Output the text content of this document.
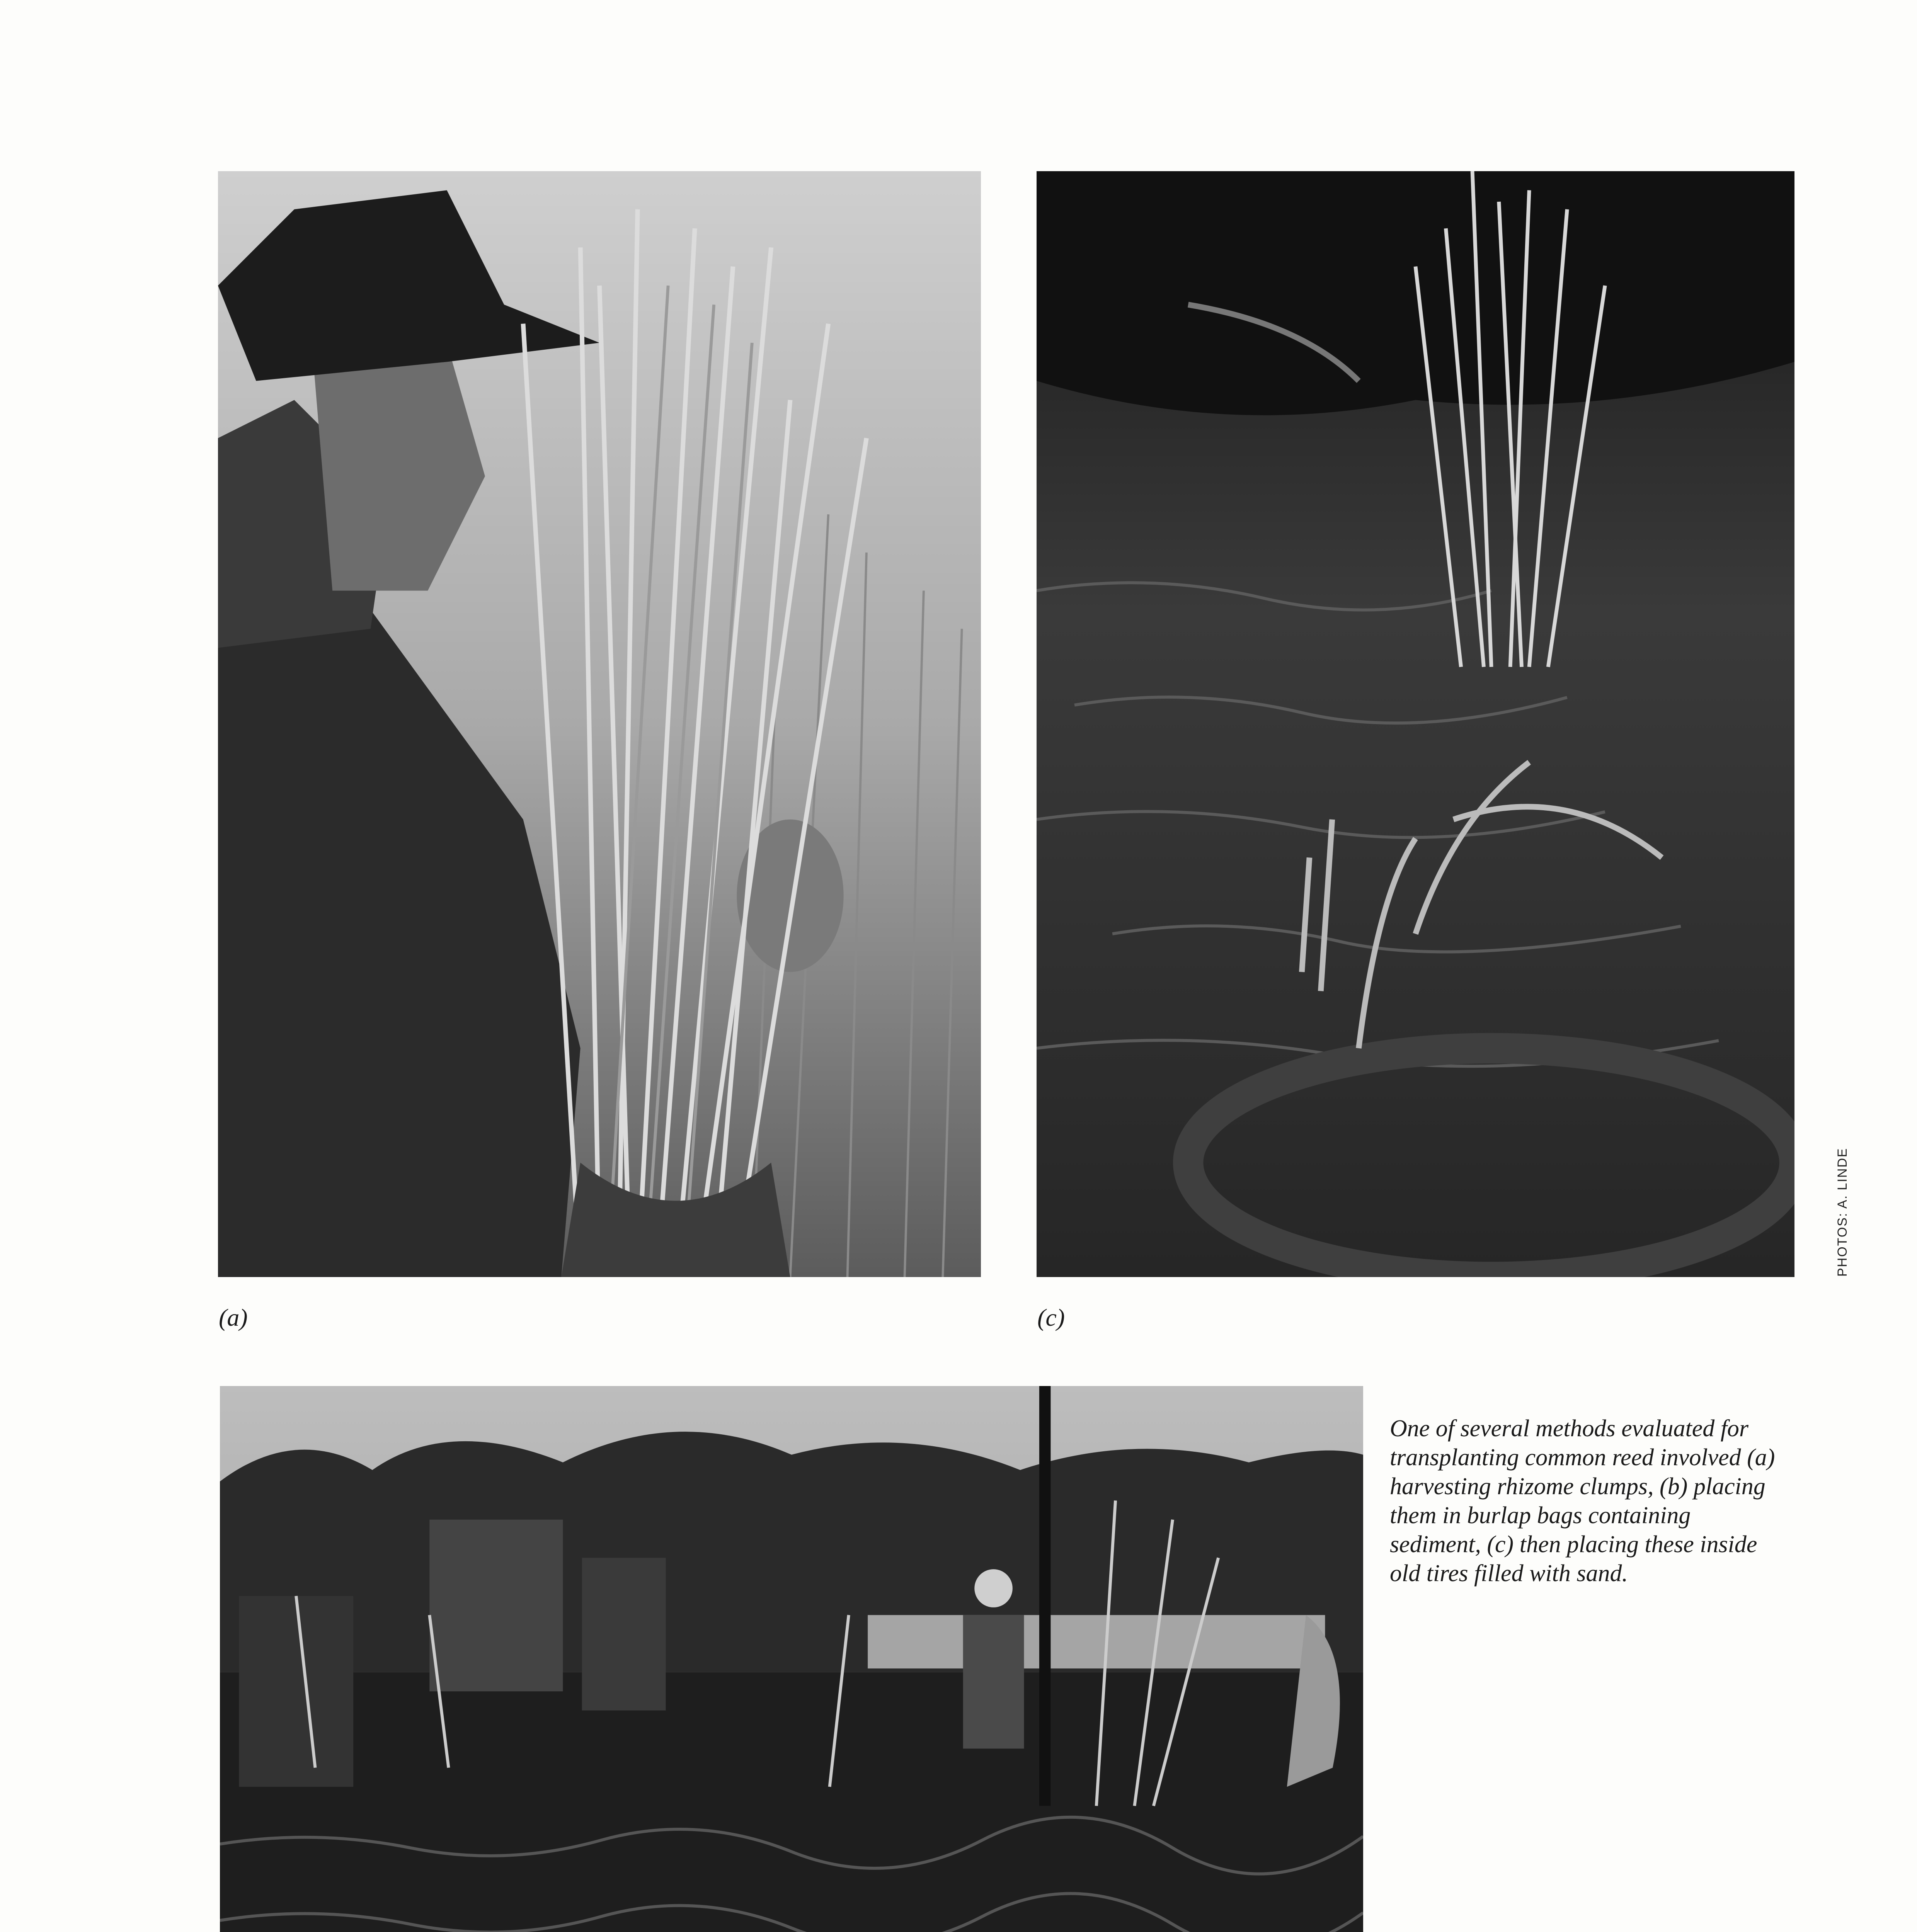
(a)	(c)
PHOTOS: A. LINDE

One of several methods evaluated for transplanting common reed involved (a) harvesting rhizome clumps, (b) placing them in burlap bags containing sediment, (c) then placing these inside old tires filled with sand.
